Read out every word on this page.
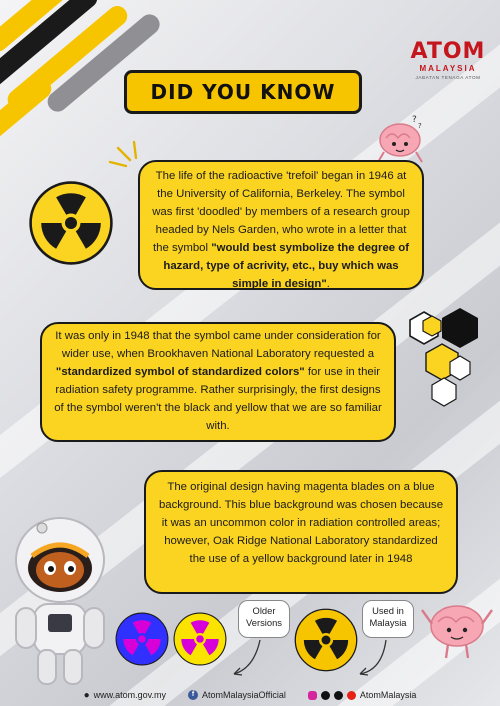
ATOM
MALAYSIA
JABATAN TENAGA ATOM
DID YOU KNOW
?
?
The life of the radioactive 'trefoil' began in 1946 at the University of California, Berkeley. The symbol was first 'doodled' by members of a research group headed by Nels Garden, who wrote in a letter that the symbol "would best symbolize the degree of hazard, type of acrivity, etc., buy which was simple in design".
It was only in 1948 that the symbol came under consideration for wider use, when Brookhaven National Laboratory requested a "standardized symbol of standardized colors" for use in their radiation safety programme. Rather surprisingly, the first designs of the symbol weren't the black and yellow that we are so familiar with.
The original design having magenta blades on a blue background. This blue background was chosen because it was an uncommon color in radiation controlled areas; however, Oak Ridge National Laboratory standardized the use of a yellow background later in 1948
Older Versions
Used in Malaysia
● www.atom.gov.my	f AtomMalaysiaOfficial	AtomMalaysia
